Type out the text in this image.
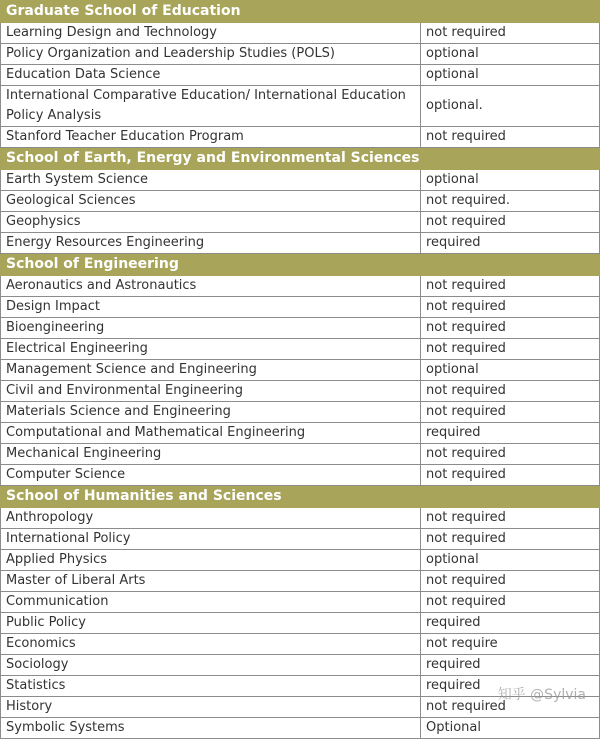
Graduate School of Education	
Learning Design and Technology	not required
Policy Organization and Leadership Studies (POLS)	optional
Education Data Science	optional
International Comparative Education/ International Education Policy Analysis	optional.
Stanford Teacher Education Program	not required
School of Earth, Energy and Environmental Sciences	
Earth System Science	optional
Geological Sciences	not required.
Geophysics	not required
Energy Resources Engineering	required
School of Engineering	
Aeronautics and Astronautics	not required
Design Impact	not required
Bioengineering	not required
Electrical Engineering	not required
Management Science and Engineering	optional
Civil and Environmental Engineering	not required
Materials Science and Engineering	not required
Computational and Mathematical Engineering	required
Mechanical Engineering	not required
Computer Science	not required
School of Humanities and Sciences	
Anthropology	not required
International Policy	not required
Applied Physics	optional
Master of Liberal Arts	not required
Communication	not required
Public Policy	required
Economics	not require
Sociology	required
Statistics	required
History	not required
Symbolic Systems	Optional
知乎 @Sylvia
